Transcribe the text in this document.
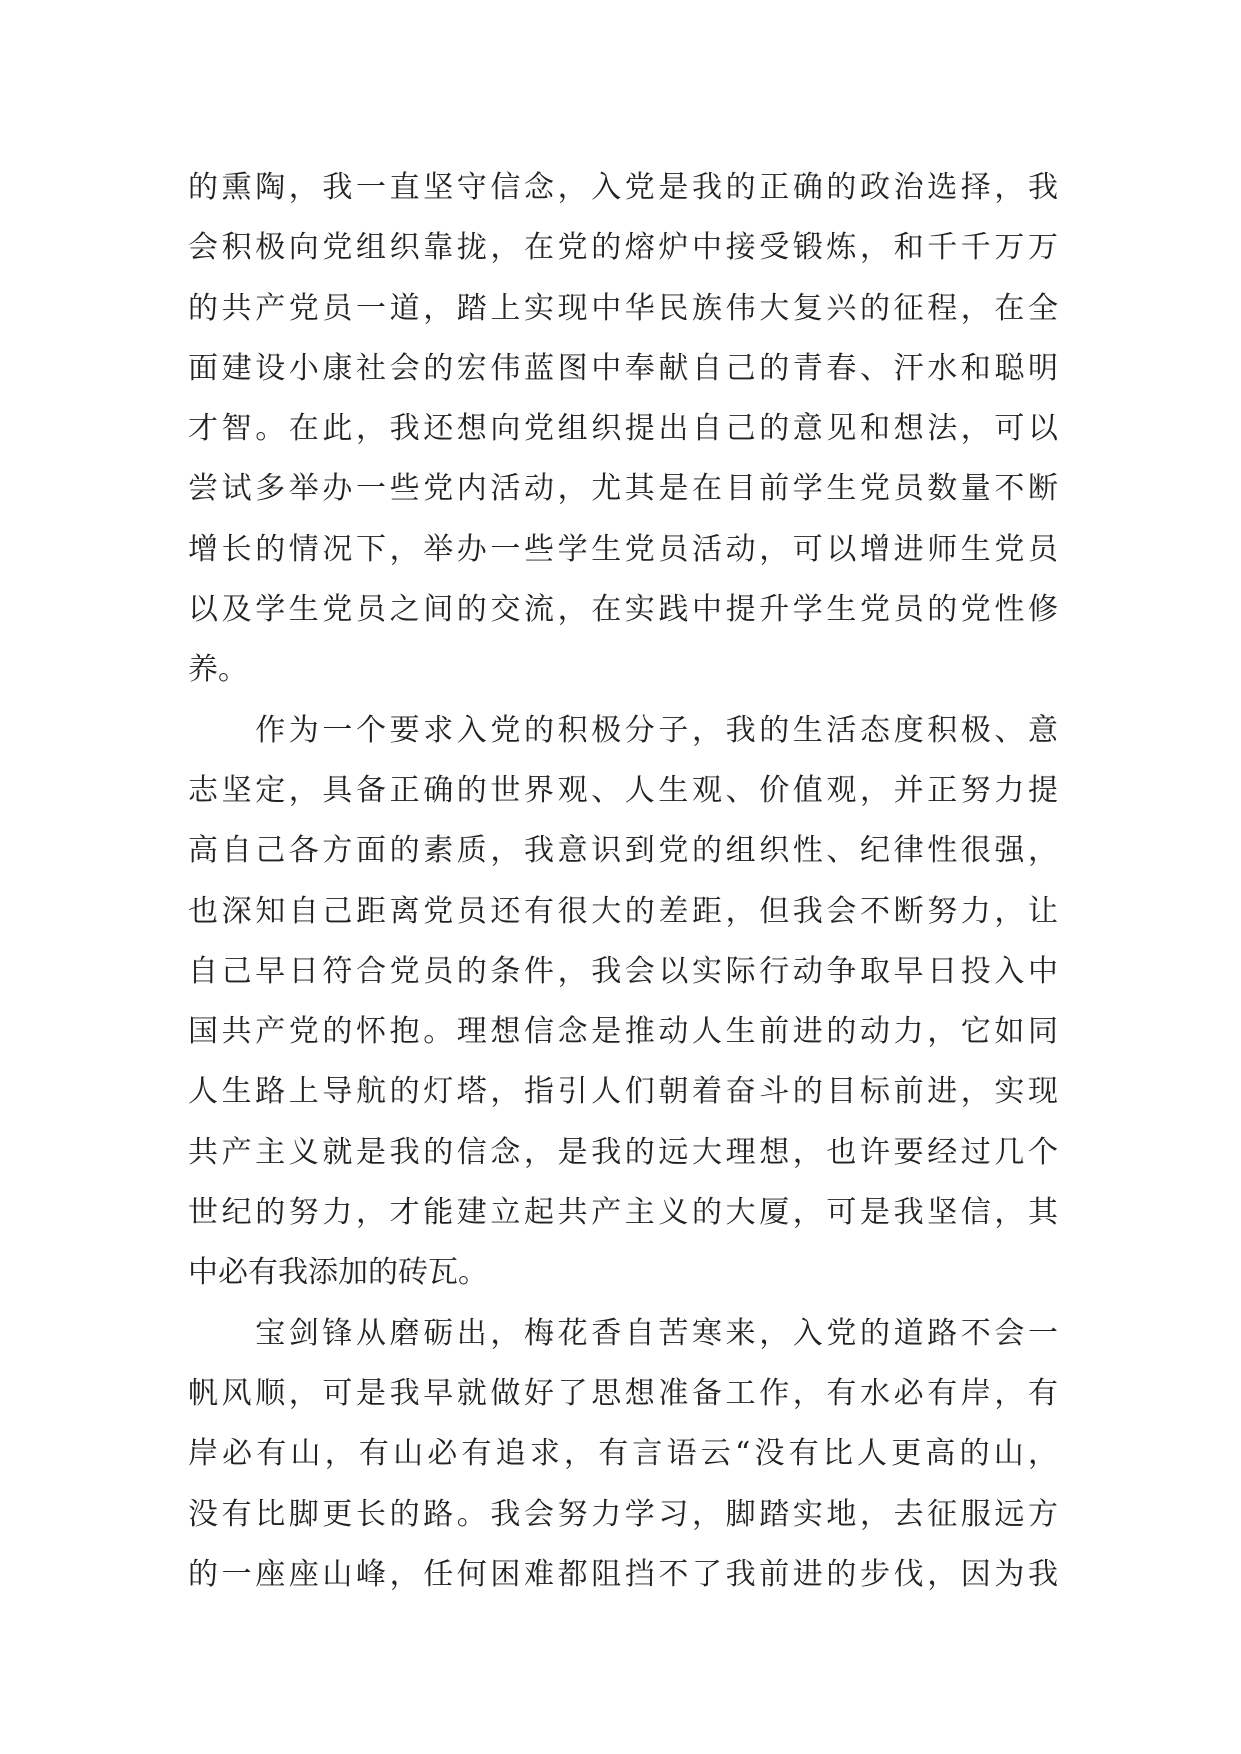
的熏陶，我一直坚守信念，入党是我的正确的政治选择，我
会积极向党组织靠拢，在党的熔炉中接受锻炼，和千千万万
的共产党员一道，踏上实现中华民族伟大复兴的征程，在全
面建设小康社会的宏伟蓝图中奉献自己的青春、汗水和聪明
才智。在此，我还想向党组织提出自己的意见和想法，可以
尝试多举办一些党内活动，尤其是在目前学生党员数量不断
增长的情况下，举办一些学生党员活动，可以增进师生党员
以及学生党员之间的交流，在实践中提升学生党员的党性修
养。
　　作为一个要求入党的积极分子，我的生活态度积极、意
志坚定，具备正确的世界观、人生观、价值观，并正努力提
高自己各方面的素质，我意识到党的组织性、纪律性很强，
也深知自己距离党员还有很大的差距，但我会不断努力，让
自己早日符合党员的条件，我会以实际行动争取早日投入中
国共产党的怀抱。理想信念是推动人生前进的动力，它如同
人生路上导航的灯塔，指引人们朝着奋斗的目标前进，实现
共产主义就是我的信念，是我的远大理想，也许要经过几个
世纪的努力，才能建立起共产主义的大厦，可是我坚信，其
中必有我添加的砖瓦。
　　宝剑锋从磨砺出，梅花香自苦寒来，入党的道路不会一
帆风顺，可是我早就做好了思想准备工作，有水必有岸，有
岸必有山，有山必有追求，有言语云“没有比人更高的山，
没有比脚更长的路。我会努力学习，脚踏实地，去征服远方
的一座座山峰，任何困难都阻挡不了我前进的步伐，因为我
